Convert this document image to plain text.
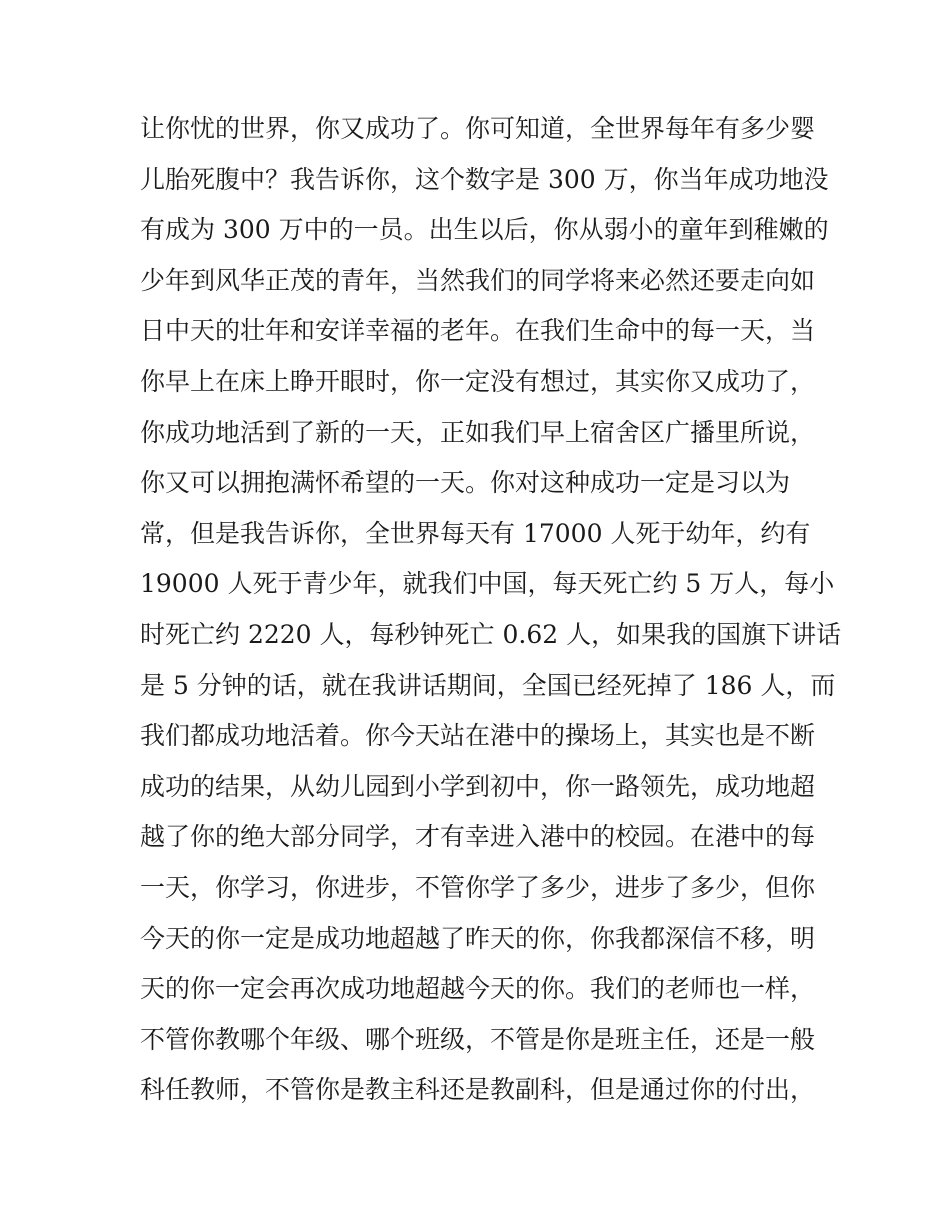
让你忧的世界，你又成功了。你可知道，全世界每年有多少婴
儿胎死腹中？我告诉你，这个数字是 300 万，你当年成功地没
有成为 300 万中的一员。出生以后，你从弱小的童年到稚嫩的
少年到风华正茂的青年，当然我们的同学将来必然还要走向如
日中天的壮年和安详幸福的老年。在我们生命中的每一天，当
你早上在床上睁开眼时，你一定没有想过，其实你又成功了，
你成功地活到了新的一天，正如我们早上宿舍区广播里所说，
你又可以拥抱满怀希望的一天。你对这种成功一定是习以为
常，但是我告诉你，全世界每天有 17000 人死于幼年，约有
19000 人死于青少年，就我们中国，每天死亡约 5 万人，每小
时死亡约 2220 人，每秒钟死亡 0.62 人，如果我的国旗下讲话
是 5 分钟的话，就在我讲话期间，全国已经死掉了 186 人，而
我们都成功地活着。你今天站在港中的操场上，其实也是不断
成功的结果，从幼儿园到小学到初中，你一路领先，成功地超
越了你的绝大部分同学，才有幸进入港中的校园。在港中的每
一天，你学习，你进步，不管你学了多少，进步了多少，但你
今天的你一定是成功地超越了昨天的你，你我都深信不移，明
天的你一定会再次成功地超越今天的你。我们的老师也一样，
不管你教哪个年级、哪个班级，不管是你是班主任，还是一般
科任教师，不管你是教主科还是教副科，但是通过你的付出，
